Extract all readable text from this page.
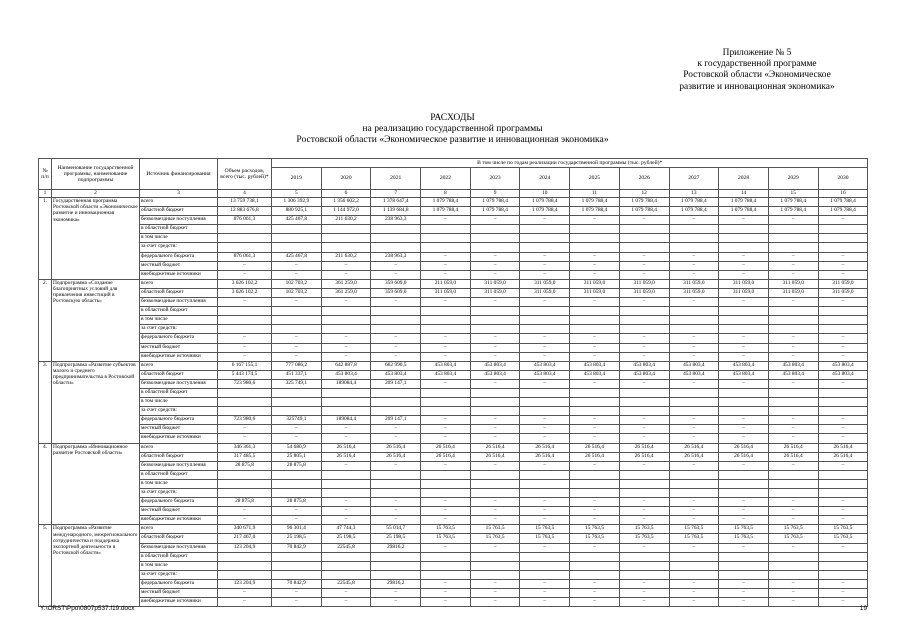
Приложение № 5
к государственной программе
Ростовской области «Экономическое
развитие и инновационная экономика»
РАСХОДЫ
на реализацию государственной программы
Ростовской области «Экономическое развитие и инновационная экономика»
№ п/п	Наименование государственной программы, наименование подпрограммы	Источник финансирования	Объем расходов, всего (тыс. рублей)*	В том числе по годам реализации государственной программы (тыс. рублей)*											
				2019	2020	2021	2022	2023	2024	2025	2026	2027	2028	2029	2030
1	2	3	4	5	6	7	8	9	10	11	12	13	14	15	16
1.	Государственная программа Ростовской области «Экономическое развитие и инновационная экономика»	всего	13 759 738,1	1 306 392,9	1 356 602,2	1 378 647,4	1 079 788,4	1 079 788,4	1 079 788,4	1 079 788,4	1 079 788,4	1 079 788,4	1 079 788,4	1 079 788,4	1 079 788,4
		областной бюджет	12 883 676,8	880 925,1	1 144 972,0	1 139 684,8	1 079 788,4	1 079 788,4	1 079 788,4	1 079 788,4	1 079 788,4	1 079 788,4	1 079 788,4	1 079 788,4	1 079 788,4
		безвозмездные поступления	876 061,3	425 467,8	211 630,2	238 963,3	–	–	–	–	–	–	–	–	–
		в областной бюджет													
		в том числе													
		за счет средств:													
		федерального бюджета	876 061,3	425 467,8	211 630,2	238 963,3	–	–	–	–	–	–	–	–	–
		местный бюджет	–	–	–	–	–	–	–	–	–	–	–	–	–
		внебюджетные источники	–	–	–	–	–	–	–	–	–	–	–	–	–
2.	Подпрограмма «Создание благоприятных условий для привлечения инвестиций в Ростовскую область»	всего	3 626 102,2	102 703,2	361 259,0	359 609,0	311 059,0	311 059,0	311 059,0	311 059,0	311 059,0	311 059,0	311 059,0	311 059,0	311 059,0
		областной бюджет	3 626 102,2	102 703,2	361 259,0	359 609,0	311 059,0	311 059,0	311 059,0	311 059,0	311 059,0	311 059,0	311 059,0	311 059,0	311 059,0
		безвозмездные поступления	–	–	–	–	–	–	–	–	–	–	–	–	–
		в областной бюджет													
		в том числе													
		за счет средств:													
		федерального бюджета	–	–	–	–	–	–	–	–	–	–	–	–	–
		местный бюджет	–	–	–	–	–	–	–	–	–	–	–	–	–
		внебюджетные источники	–	–	–	–	–	–	–	–	–	–	–	–	–
3.	Подпрограмма «Развитие субъектов малого и среднего предпринимательства в Ростовской области»	всего	6 167 155,1	777 086,2	642 887,8	662 990,5	453 803,4	453 803,4	453 803,4	453 803,4	453 803,4	453 803,4	453 803,4	453 803,4	453 803,4
		областной бюджет	5 443 174,5	451 337,1	453 803,4	453 803,4	453 803,4	453 803,4	453 803,4	453 803,4	453 803,4	453 803,4	453 803,4	453 803,4	453 803,4
		безвозмездные поступления	723 980,6	325 749,1	189084,4	209 147,1	–	–	–	–	–	–	–	–	–
		в областной бюджет													
		в том числе													
		за счет средств:													
		федерального бюджета	723 980,6	325749,1	189084,4	209 147,1	–	–	–	–	–	–	–	–	–
		местный бюджет	–	–	–	–	–	–	–	–	–	–	–	–	–
		внебюджетные источники	–	–	–	–	–	–	–	–	–	–	–	–	–
4.	Подпрограмма «Инновационное развитие Ростовской области»	всего	346 361,3	54 680,9	26 516,4	26 516,4	26 516,4	26 516,4	26 516,4	26 516,4	26 516,4	26 516,4	26 516,4	26 516,4	26 516,4
		областной бюджет	317 485,5	25 805,1	26 516,4	26 516,4	26 516,4	26 516,4	26 516,4	26 516,4	26 516,4	26 516,4	26 516,4	26 516,4	26 516,4
		безвозмездные поступления	28 875,8	28 875,8	–	–	–	–	–	–	–	–	–	–	–
		в областной бюджет													
		в том числе													
		за счет средств:													
		федерального бюджета	28 875,8	28 875,8	–	–	–	–	–	–	–	–	–	–	–
		местный бюджет	–	–	–	–	–	–	–	–	–	–	–	–	–
		внебюджетные источники	–	–	–	–	–	–	–	–	–	–	–	–	–
5.	Подпрограмма «Развитие международного, межрегионального сотрудничества и поддержка экспортной деятельности в Ростовской области»	всего	340 671,9	96 301,4	47 744,3	55 014,7	15 763,5	15 763,5	15 763,5	15 763,5	15 763,5	15 763,5	15 763,5	15 763,5	15 763,5
		областной бюджет	217 467,0	25 198,5	25 198,5	25 198,5	15 763,5	15 763,5	15 763,5	15 763,5	15 763,5	15 763,5	15 763,5	15 763,5	15 763,5
		безвозмездные поступления	123 204,9	70 842,9	22545,8	29816,2	–	–	–	–	–	–	–	–	–
		в областной бюджет													
		в том числе													
		за счет средств:													
		федерального бюджета	123 204,9	70 842,9	22545,8	29816,2	–	–	–	–	–	–	–	–	–
		местный бюджет	–	–	–	–	–	–	–	–	–	–	–	–	–
		внебюджетные источники	–	–	–	–	–	–	–	–	–	–	–	–	–
Y:\ORST\Ppo\0807p537.f19.docx	19
